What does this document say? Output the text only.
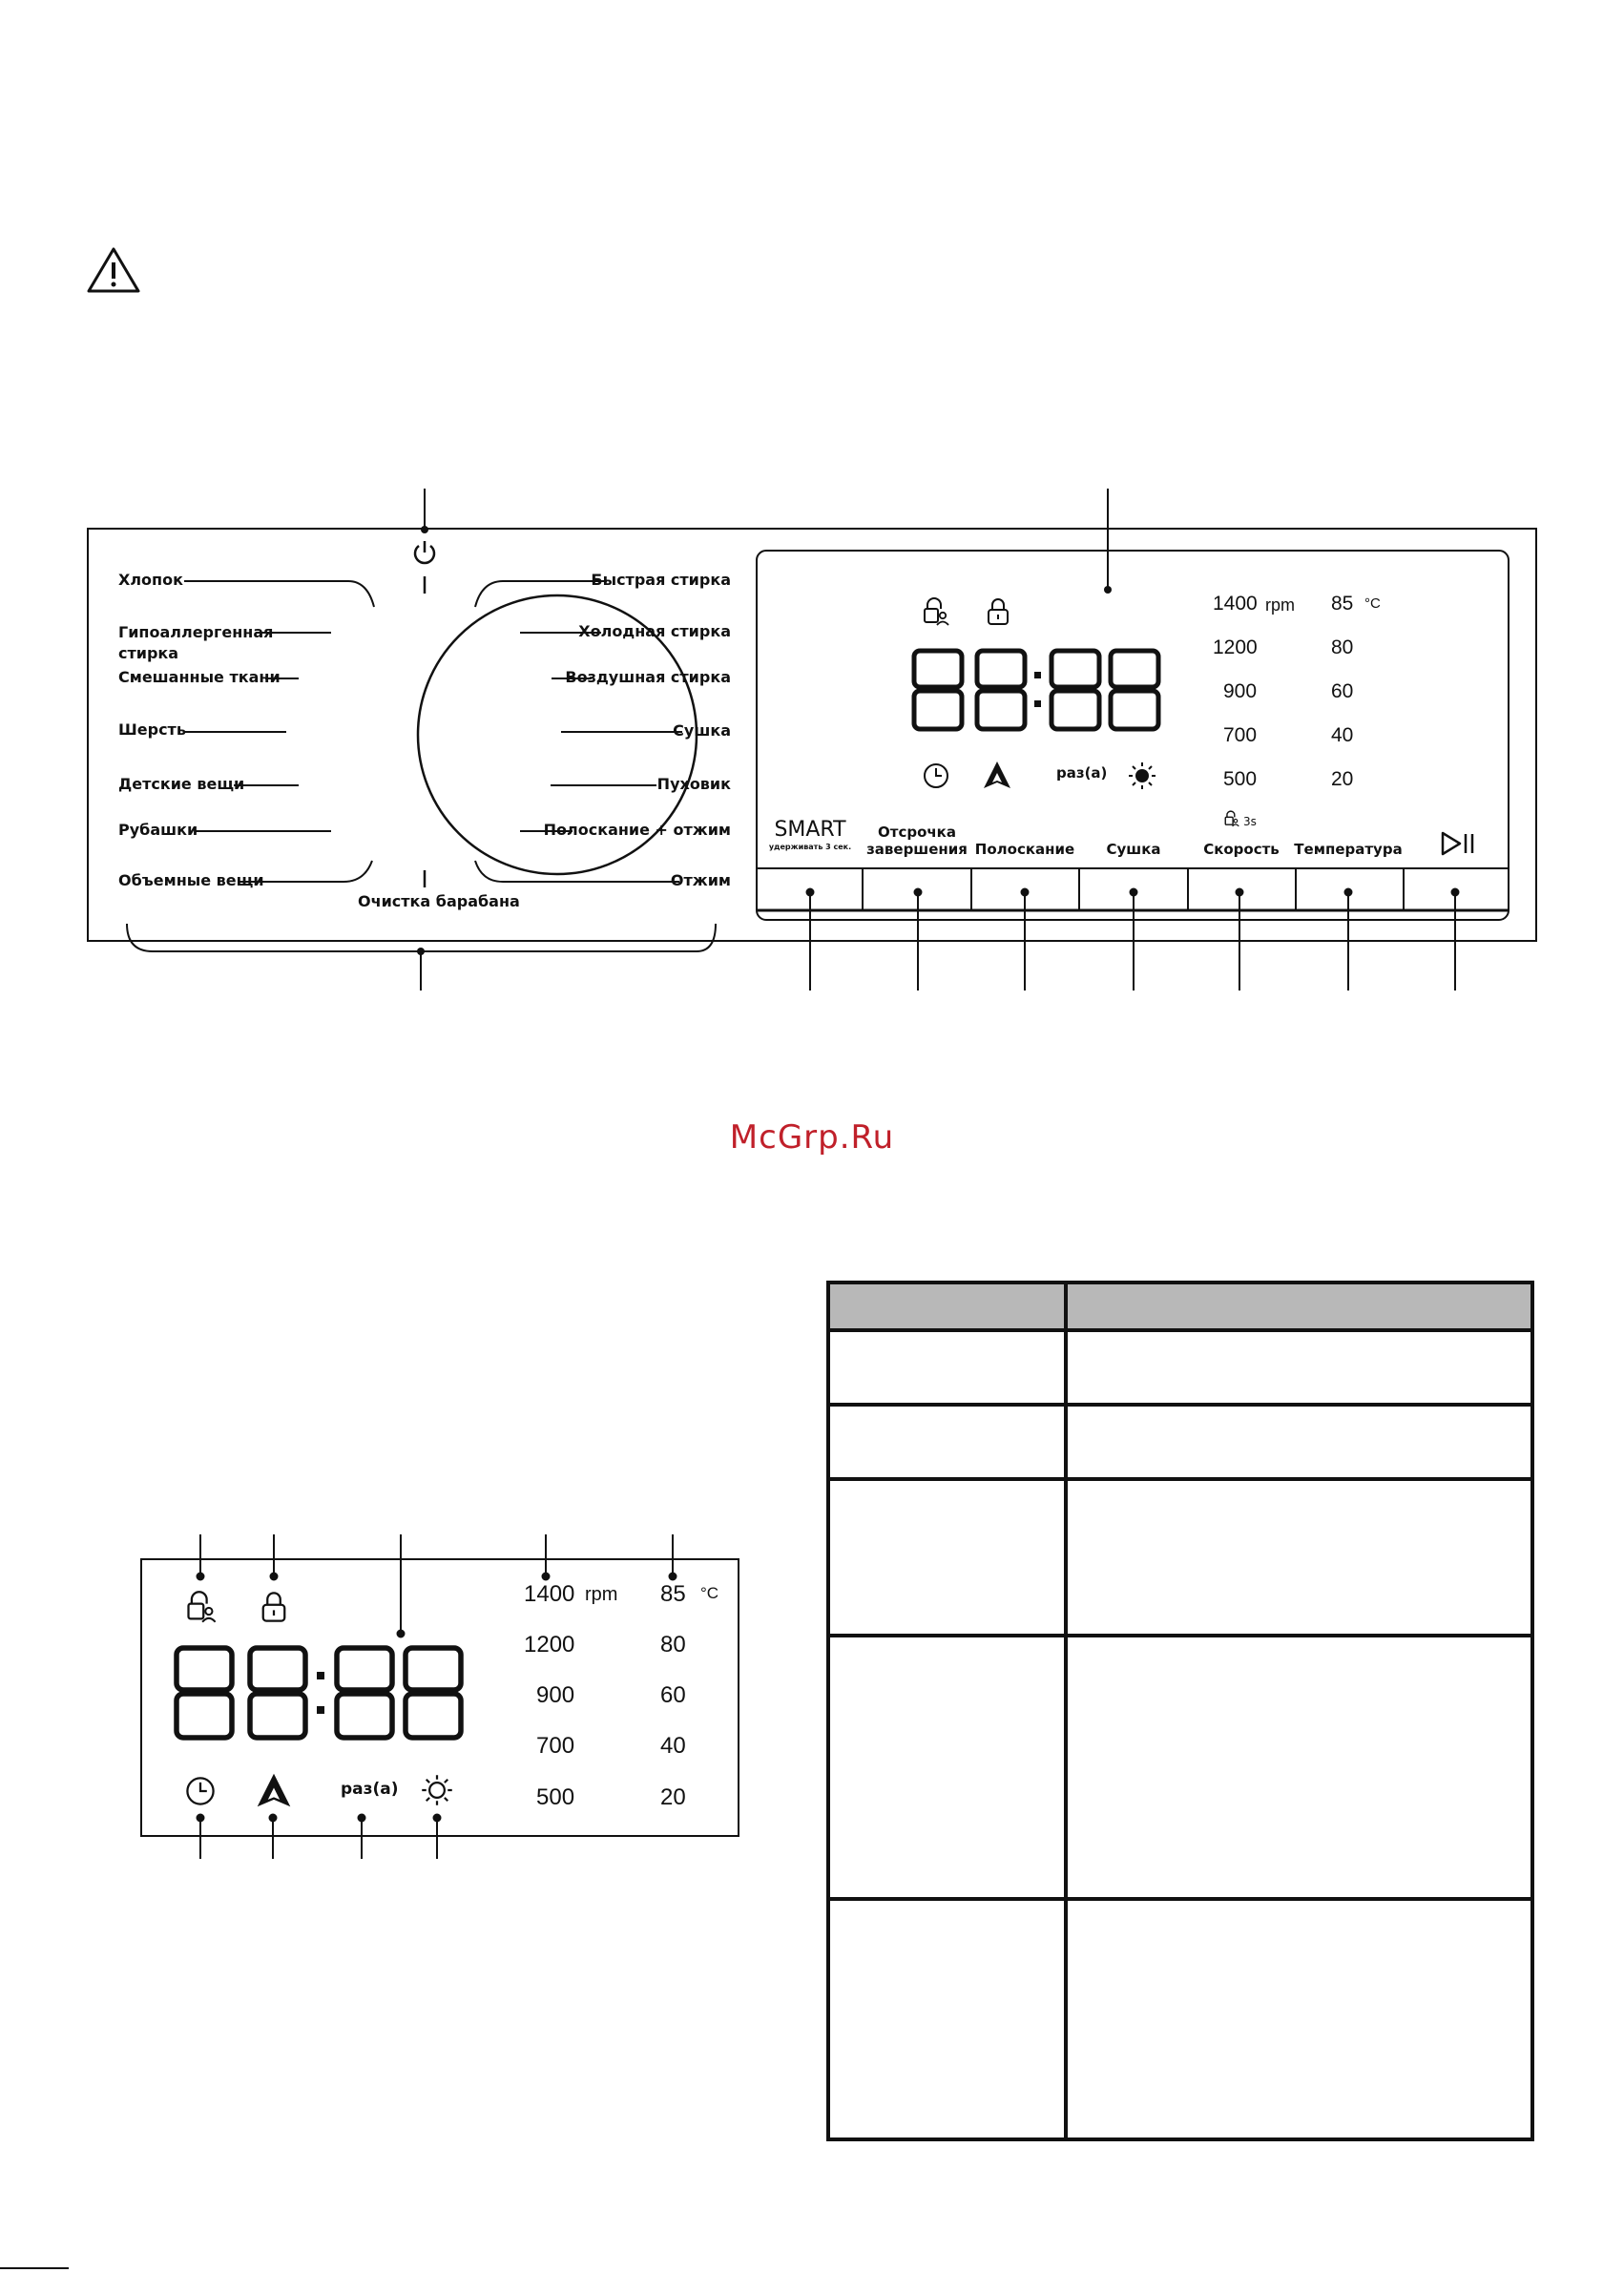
Хлопок
Гипоаллергенная стирка
Смешанные ткани
Шерсть
Детские вещи
Рубашки
Объемные вещи
Быстрая стирка
Холодная стирка
Воздушная стирка
Сушка
Пуховик
Полоскание + отжим
Отжим
Очистка барабана
раз(а)
1400 rpm
1200
900
700
500
85 °C
80
60
40
20
3s
SMART
удерживать 3 сек.
Отсрочка завершения Полоскание	Сушка	Скорость	Температура
McGrp.Ru
раз(а)
1400 rpm
1200
900
700
500
85 °C
80
60
40
20
